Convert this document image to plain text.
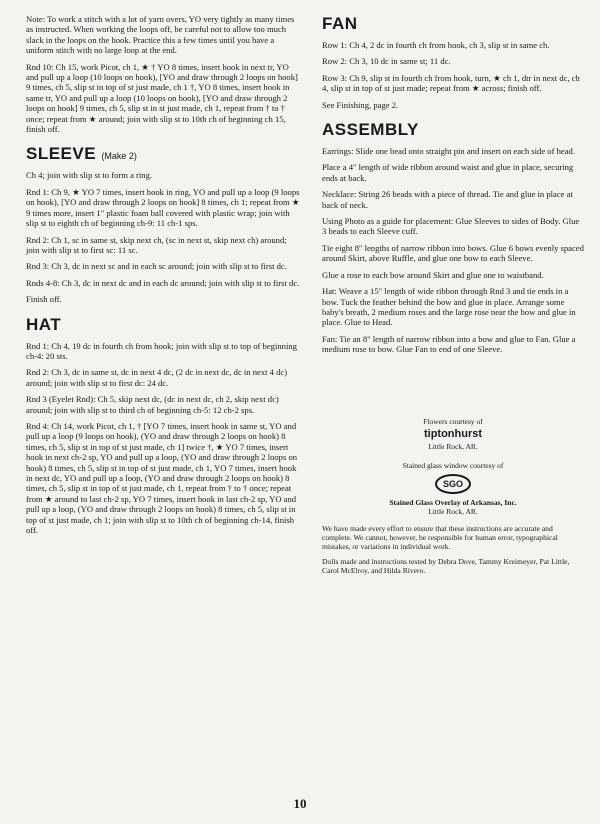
Note: To work a stitch with a lot of yarn overs, YO very tightly as many times as instructed. When working the loops off, be careful not to allow too much slack in the loops on the hook. Practice this a few times until you have a uniform stitch with no large loop at the end.

Rnd 10: Ch 15, work Picot, ch 1, ★ † YO 8 times, insert hook in next tr, YO and pull up a loop (10 loops on hook), [YO and draw through 2 loops on hook] 9 times, ch 5, slip st in top of st just made, ch 1 †, YO 8 times, insert hook in same tr, YO and pull up a loop (10 loops on hook), [YO and draw through 2 loops on hook] 9 times, ch 5, slip st in st just made, ch 1, repeat from † to † once; repeat from ★ around; join with slip st to 10th ch of beginning ch 15, finish off.

SLEEVE (Make 2)

Ch 4; join with slip st to form a ring.

Rnd 1: Ch 9, ★ YO 7 times, insert hook in ring, YO and pull up a loop (9 loops on hook), [YO and draw through 2 loops on hook] 8 times, ch 1; repeat from ★ 9 times more, insert 1" plastic foam ball covered with plastic wrap; join with slip st to eighth ch of beginning ch-9: 11 ch-1 sps.

Rnd 2: Ch 1, sc in same st, skip next ch, (sc in next st, skip next ch) around; join with slip st to first sc: 11 sc.

Rnd 3: Ch 3, dc in next sc and in each sc around; join with slip st to first dc.

Rnds 4-8: Ch 3, dc in next dc and in each dc around; join with slip st to first dc.

Finish off.

HAT

Rnd 1: Ch 4, 19 dc in fourth ch from hook; join with slip st to top of beginning ch-4: 20 sts.

Rnd 2: Ch 3, dc in same st, dc in next 4 dc, (2 dc in next dc, dc in next 4 dc) around; join with slip st to first dc: 24 dc.

Rnd 3 (Eyelet Rnd): Ch 5, skip next dc, (dc in next dc, ch 2, skip next dc) around; join with slip st to third ch of beginning ch-5: 12 ch-2 sps.

Rnd 4: Ch 14, work Picot, ch 1, † [YO 7 times, insert hook in same st, YO and pull up a loop (9 loops on hook), (YO and draw through 2 loops on hook) 8 times, ch 5, slip st in top of st just made, ch 1] twice †, ★ YO 7 times, insert hook in next ch-2 sp, YO and pull up a loop, (YO and draw through 2 loops on hook) 8 times, ch 5, slip st in top of st just made, ch 1, YO 7 times, insert hook in next dc, YO and pull up a loop, (YO and draw through 2 loops on hook) 8 times, ch 5, slip st in top of st just made, ch 1, repeat from † to † once; repeat from ★ around to last ch-2 sp, YO 7 times, insert hook in last ch-2 sp, YO and pull up a loop, (YO and draw through 2 loops on hook) 8 times, ch 5, slip st in top of st just made, ch 1; join with slip st to 10th ch of beginning ch-14, finish off.

FAN

Row 1: Ch 4, 2 dc in fourth ch from hook, ch 3, slip st in same ch.

Row 2: Ch 3, 10 dc in same st; 11 dc.

Row 3: Ch 9, slip st in fourth ch from hook, turn, ★ ch 1, dtr in next dc, ch 4, slip st in top of st just made; repeat from ★ across; finish off.

See Finishing, page 2.

ASSEMBLY

Earrings: Slide one bead onto straight pin and insert on each side of head.

Place a 4" length of wide ribbon around waist and glue in place, securing ends at back.

Necklace: String 26 beads with a piece of thread. Tie and glue in place at back of neck.

Using Photo as a guide for placement: Glue Sleeves to sides of Body. Glue 3 beads to each Sleeve cuff.

Tie eight 8" lengths of narrow ribbon into bows. Glue 6 bows evenly spaced around Skirt, above Ruffle, and glue one bow to each Sleeve.

Glue a rose to each bow around Skirt and glue one to waistband.

Hat: Weave a 15" length of wide ribbon through Rnd 3 and tie ends in a bow. Tuck the feather behind the bow and glue in place. Arrange some baby's breath, 2 medium roses and the large rose near the bow and glue in place. Glue to Head.

Fan: Tie an 8" length of narrow ribbon into a bow and glue to Fan. Glue a medium rose to bow. Glue Fan to end of one Sleeve.

Flowers courtesy of
tiptonhurst
Little Rock, AR.
Stained glass window courtesy of
SGO
Stained Glass Overlay of Arkansas, Inc.
Little Rock, AR.

We have made every effort to ensure that these instructions are accurate and complete. We cannot, however, be responsible for human error, typographical mistakes, or variations in individual work.

Dolls made and instructions tested by Debra Dove, Tammy Kreimeyer, Pat Little, Carol McElroy, and Hilda Rivero.

10
